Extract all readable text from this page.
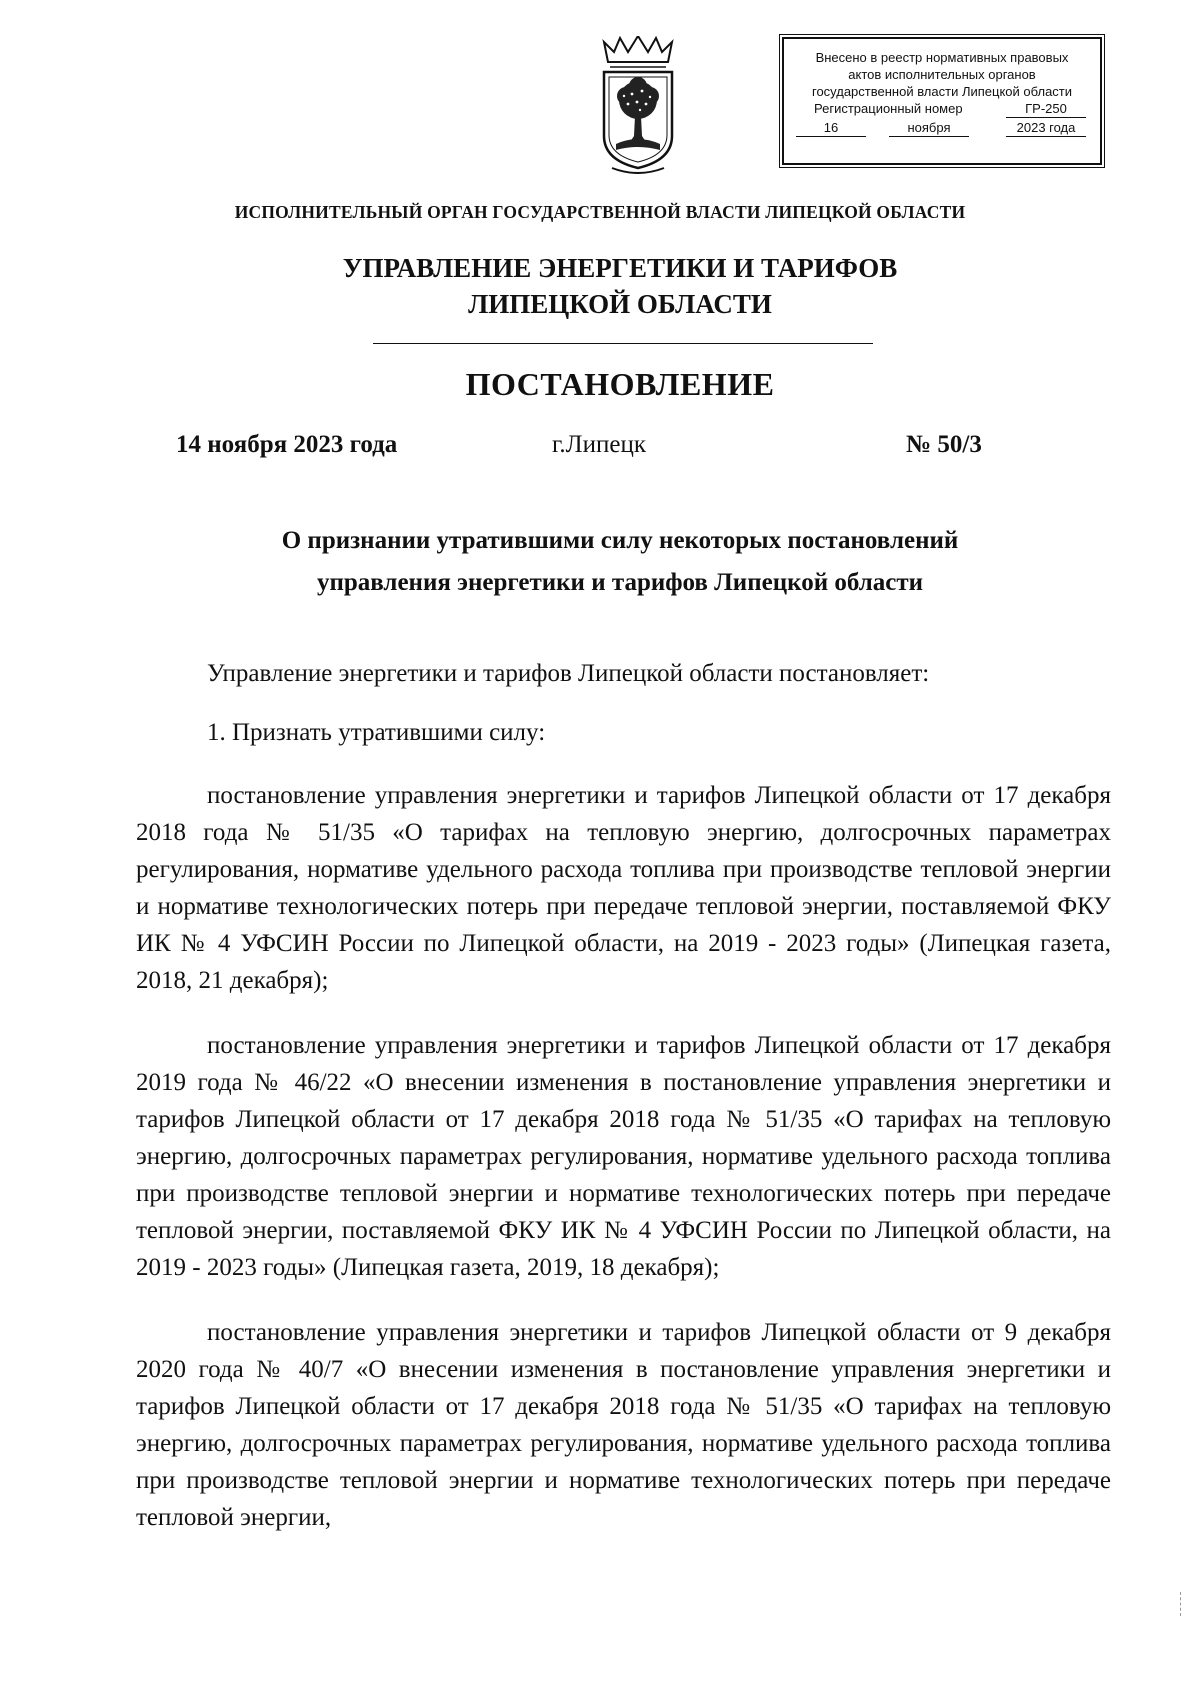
Внесено в реестр нормативных правовых
актов исполнительных органов
государственной власти Липецкой области
Регистрационный номер	ГР-250
16	ноября	2023 года
ИСПОЛНИТЕЛЬНЫЙ ОРГАН ГОСУДАРСТВЕННОЙ ВЛАСТИ ЛИПЕЦКОЙ ОБЛАСТИ
УПРАВЛЕНИЕ ЭНЕРГЕТИКИ И ТАРИФОВ
ЛИПЕЦКОЙ ОБЛАСТИ
ПОСТАНОВЛЕНИЕ
14 ноября 2023 года	г.Липецк	№ 50/3
О признании утратившими силу некоторых постановлений
управления энергетики и тарифов Липецкой области

Управление энергетики и тарифов Липецкой области постановляет:

1. Признать утратившими силу:

постановление управления энергетики и тарифов Липецкой области от 17 декабря 2018 года № 51/35 «О тарифах на тепловую энергию, долгосрочных параметрах регулирования, нормативе удельного расхода топлива при производстве тепловой энергии и нормативе технологических потерь при передаче тепловой энергии, поставляемой ФКУ ИК № 4 УФСИН России по Липецкой области, на 2019 - 2023 годы» (Липецкая газета, 2018, 21 декабря);

постановление управления энергетики и тарифов Липецкой области от 17 декабря 2019 года № 46/22 «О внесении изменения в постановление управления энергетики и тарифов Липецкой области от 17 декабря 2018 года № 51/35 «О тарифах на тепловую энергию, долгосрочных параметрах регулирования, нормативе удельного расхода топлива при производстве тепловой энергии и нормативе технологических потерь при передаче тепловой энергии, поставляемой ФКУ ИК № 4 УФСИН России по Липецкой области, на 2019 - 2023 годы» (Липецкая газета, 2019, 18 декабря);

постановление управления энергетики и тарифов Липецкой области от 9 декабря 2020 года № 40/7 «О внесении изменения в постановление управления энергетики и тарифов Липецкой области от 17 декабря 2018 года № 51/35 «О тарифах на тепловую энергию, долгосрочных параметрах регулирования, нормативе удельного расхода топлива при производстве тепловой энергии и нормативе технологических потерь при передаче тепловой энергии,
